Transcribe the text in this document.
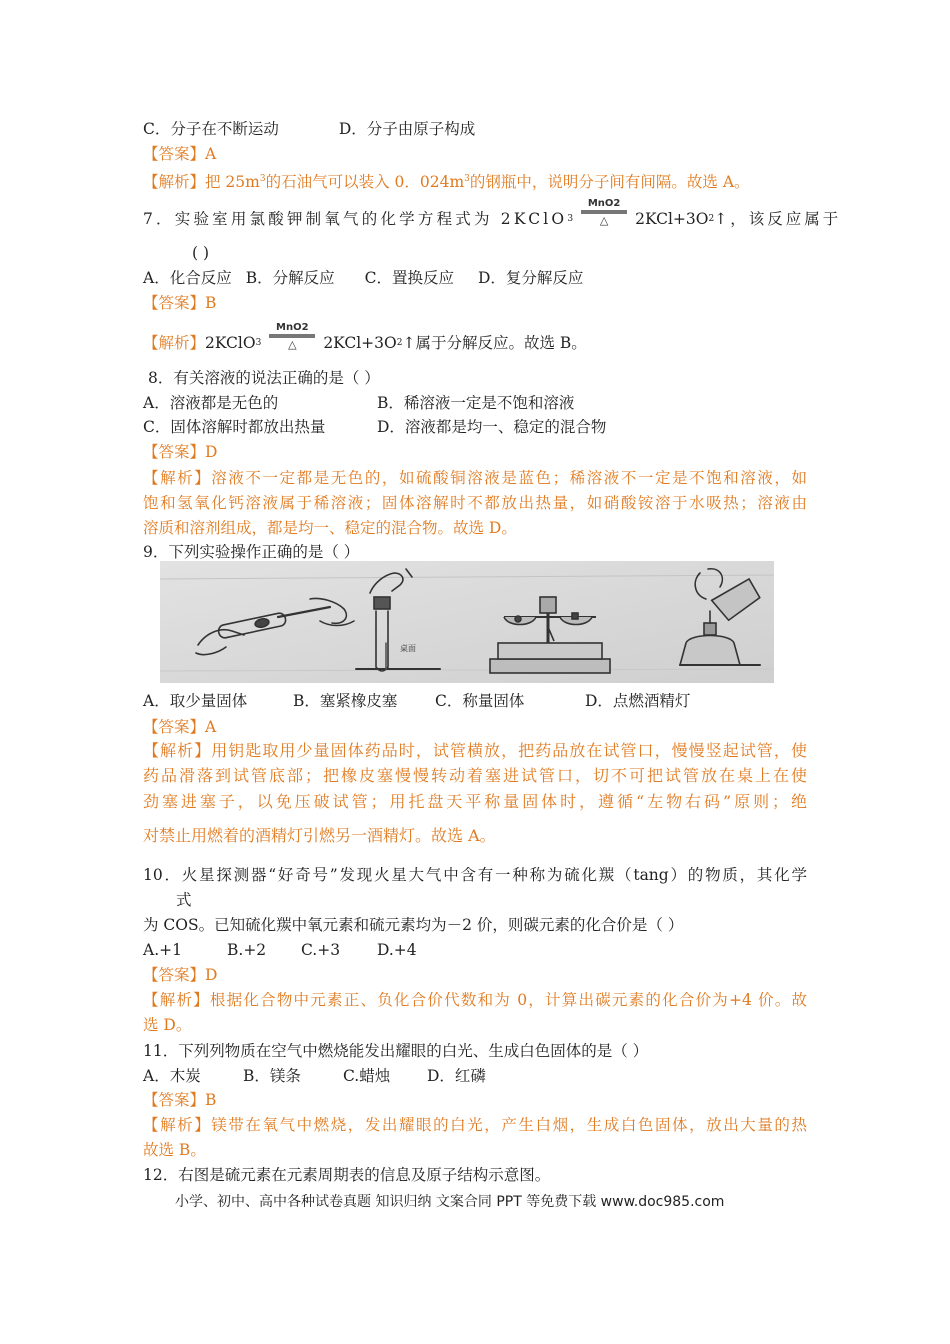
C．分子在不断运动	D．分子由原子构成
【答案】A
【解析】把 $25m^3$的石油气可以装入 0．$024m^3$的钢瓶中，说明分子间有间隔。故选 A。
7．实验室用氯酸钾制氧气的化学方程式为 2KClO 3
MnO2
△ 2KCl+3O 2 ↑，该反应属于
( )
A．化合反应 B．分解反应 C．置换反应 D．复分解反应
【答案】B
【解析】 2KClO 3
MnO2
△ 2KCl+3O 2 ↑属于分解反应。故选 B。
8．有关溶液的说法正确的是（ ）
A．溶液都是无色的	B．稀溶液一定是不饱和溶液
C．固体溶解时都放出热量	D．溶液都是均一、稳定的混合物
【答案】D
【解析】溶液不一定都是无色的，如硫酸铜溶液是蓝色；稀溶液不一定是不饱和溶液，如
饱和氢氧化钙溶液属于稀溶液；固体溶解时不都放出热量，如硝酸铵溶于水吸热；溶液由
溶质和溶剂组成，都是均一、稳定的混合物。故选 D。
9．下列实验操作正确的是（ ）
桌面
A．取少量固体	B．塞紧橡皮塞 C．称量固体	D．点燃酒精灯
【答案】A
【解析】用钥匙取用少量固体药品时，试管横放，把药品放在试管口，慢慢竖起试管，使
药品滑落到试管底部；把橡皮塞慢慢转动着塞进试管口，切不可把试管放在桌上在使
劲塞进塞子，以免压破试管；用托盘天平称量固体时，遵循“左物右码”原则；绝
对禁止用燃着的酒精灯引燃另一酒精灯。故选 A。
10．火星探测器“好奇号”发现火星大气中含有一种称为硫化羰（tang）的物质，其化学
式
为 COS。已知硫化羰中氧元素和硫元素均为－2 价，则碳元素的化合价是（ ）
A.+1	B.+2 C.+3 D.+4
【答案】D
【解析】根据化合物中元素正、负化合价代数和为 0，计算出碳元素的化合价为+4 价。故
选 D。
11．下列列物质在空气中燃烧能发出耀眼的白光、生成白色固体的是（ ）
A．木炭	B．镁条	C.蜡烛 D．红磷
【答案】B
【解析】镁带在氧气中燃烧，发出耀眼的白光，产生白烟，生成白色固体，放出大量的热
故选 B。
12．右图是硫元素在元素周期表的信息及原子结构示意图。
小学、初中、高中各种试卷真题 知识归纳 文案合同 PPT 等免费下载 www.doc985.com
